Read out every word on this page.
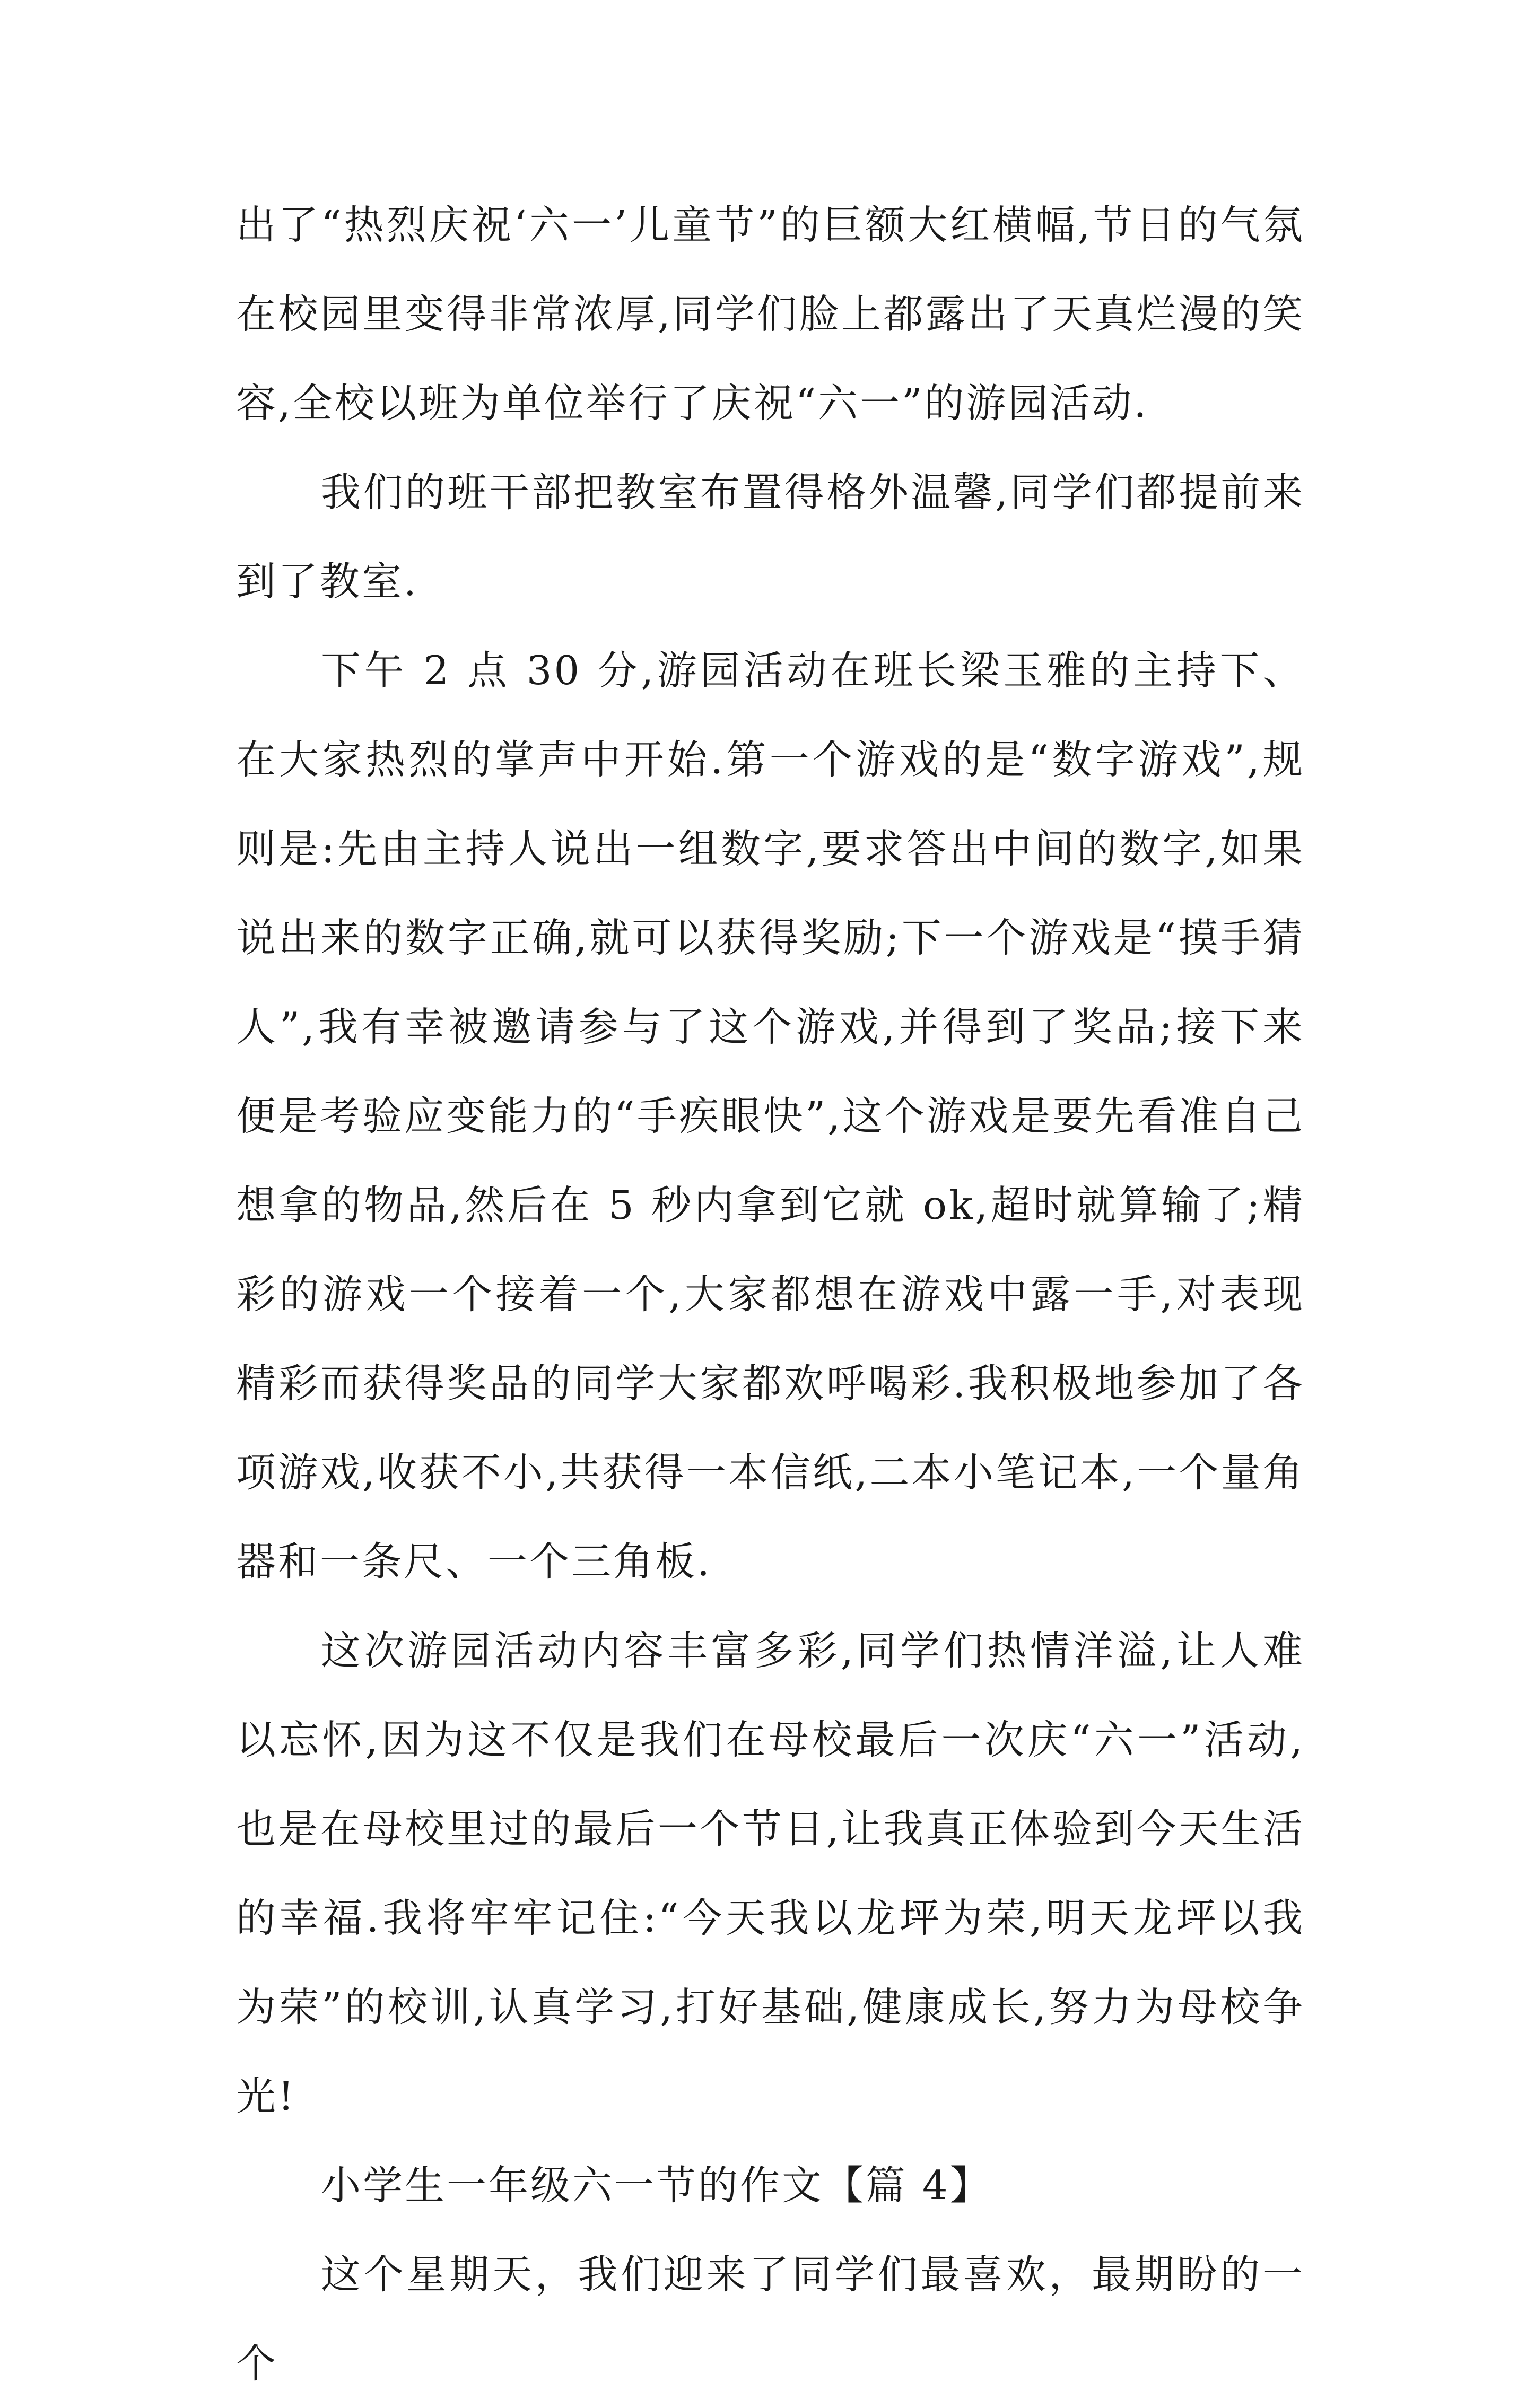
出了“热烈庆祝‘六一’儿童节”的巨额大红横幅,节日的气氛在校园里变得非常浓厚,同学们脸上都露出了天真烂漫的笑容,全校以班为单位举行了庆祝“六一”的游园活动.

我们的班干部把教室布置得格外温馨,同学们都提前来到了教室.

下午 2 点 30 分,游园活动在班长梁玉雅的主持下、在大家热烈的掌声中开始.第一个游戏的是“数字游戏”,规则是:先由主持人说出一组数字,要求答出中间的数字,如果说出来的数字正确,就可以获得奖励;下一个游戏是“摸手猜人”,我有幸被邀请参与了这个游戏,并得到了奖品;接下来便是考验应变能力的“手疾眼快”,这个游戏是要先看准自己想拿的物品,然后在 5 秒内拿到它就 ok,超时就算输了;精彩的游戏一个接着一个,大家都想在游戏中露一手,对表现精彩而获得奖品的同学大家都欢呼喝彩.我积极地参加了各项游戏,收获不小,共获得一本信纸,二本小笔记本,一个量角器和一条尺、一个三角板.

这次游园活动内容丰富多彩,同学们热情洋溢,让人难以忘怀,因为这不仅是我们在母校最后一次庆“六一”活动,也是在母校里过的最后一个节日,让我真正体验到今天生活的幸福.我将牢牢记住:“今天我以龙坪为荣,明天龙坪以我为荣”的校训,认真学习,打好基础,健康成长,努力为母校争光!

小学生一年级六一节的作文【篇 4】

这个星期天，我们迎来了同学们最喜欢，最期盼的一个
